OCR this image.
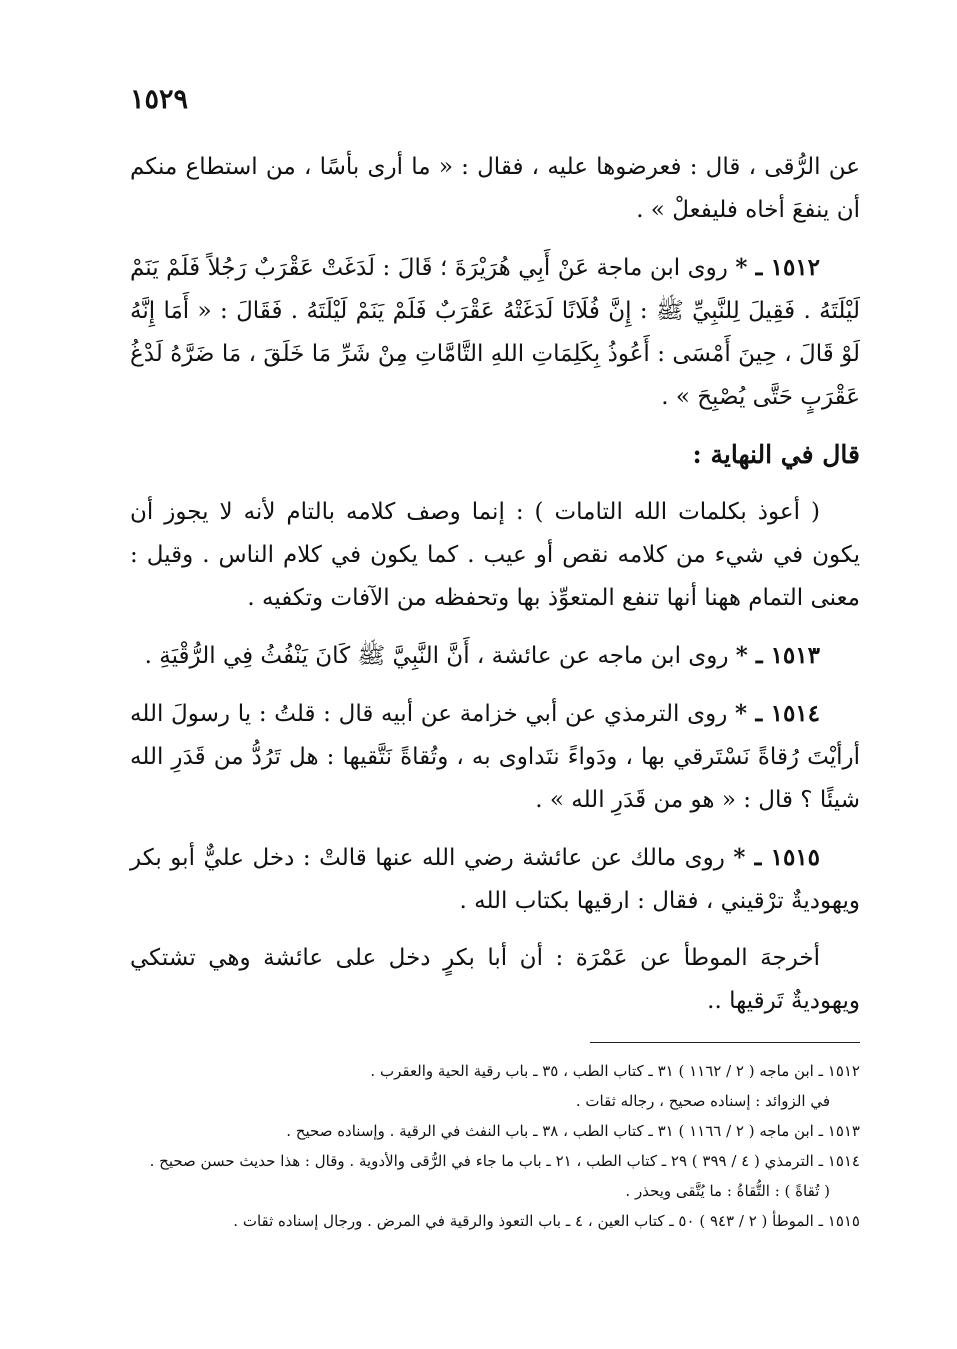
١٥٢٩

عن الرُّقى ، قال : فعرضوها عليه ، فقال : « ما أرى بأسًا ، من استطاع منكم أن ينفعَ أخاه فليفعلْ » .

١٥١٢ ـ * روى ابن ماجة عَنْ أَبِي هُرَيْرَةَ ؛ قَالَ : لَدَغَتْ عَقْرَبٌ رَجُلاً فَلَمْ يَنَمْ لَيْلَتَهُ . فَقِيلَ لِلنَّبِيِّ ﷺ : إِنَّ فُلَانًا لَدَغَتْهُ عَقْرَبٌ فَلَمْ يَنَمْ لَيْلَتَهُ . فَقَالَ : « أَمَا إِنَّهُ لَوْ قَالَ ، حِينَ أَمْسَى : أَعُوذُ بِكَلِمَاتِ اللهِ التَّامَّاتِ مِنْ شَرِّ مَا خَلَقَ ، مَا ضَرَّهُ لَدْغُ عَقْرَبٍ حَتَّى يُصْبِحَ » .

قال في النهاية :

( أعوذ بكلمات الله التامات ) : إنما وصف كلامه بالتام لأنه لا يجوز أن يكون في شيء من كلامه نقص أو عيب . كما يكون في كلام الناس . وقيل : معنى التمام ههنا أنها تنفع المتعوِّذ بها وتحفظه من الآفات وتكفيه .

١٥١٣ ـ * روى ابن ماجه عن عائشة ، أَنَّ النَّبِيَّ ﷺ كَانَ يَنْفُثُ فِي الرُّقْيَةِ .

١٥١٤ ـ * روى الترمذي عن أبي خزامة عن أبيه قال : قلتُ : يا رسولَ الله أرأيْتَ رُقاةً نَسْتَرقي بها ، ودَواءً نتَداوى به ، وتُقاةً نَتَّقيها : هل تَرُدُّ من قَدَرِ الله شيئًا ؟ قال : « هو من قَدَرِ الله » .

١٥١٥ ـ * روى مالك عن عائشة رضي الله عنها قالتْ : دخل عليٌّ أبو بكر ويهوديةٌ ترْقيني ، فقال : ارقيها بكتاب الله .

أخرجهَ الموطأ عن عَمْرَة : أن أبا بكرٍ دخل على عائشة وهي تشتكي ويهوديةٌ تَرقيها ..

١٥١٢ ـ ابن ماجه ( ٢ / ١١٦٢ ) ٣١ ـ كتاب الطب ، ٣٥ ـ باب رقية الحية والعقرب .

في الزوائد : إسناده صحيح ، رجاله ثقات .

١٥١٣ ـ ابن ماجه ( ٢ / ١١٦٦ ) ٣١ ـ كتاب الطب ، ٣٨ ـ باب النفث في الرقية . وإسناده صحيح .

١٥١٤ ـ الترمذي ( ٤ / ٣٩٩ ) ٢٩ ـ كتاب الطب ، ٢١ ـ باب ما جاء في الرُّقى والأدوية . وقال : هذا حديث حسن صحيح .

( تُقاةً ) : التُّقاةُ : ما يُتَّقى ويحذر .

١٥١٥ ـ الموطأ ( ٢ / ٩٤٣ ) ٥٠ ـ كتاب العين ، ٤ ـ باب التعوذ والرقية في المرض . ورجال إسناده ثقات .
